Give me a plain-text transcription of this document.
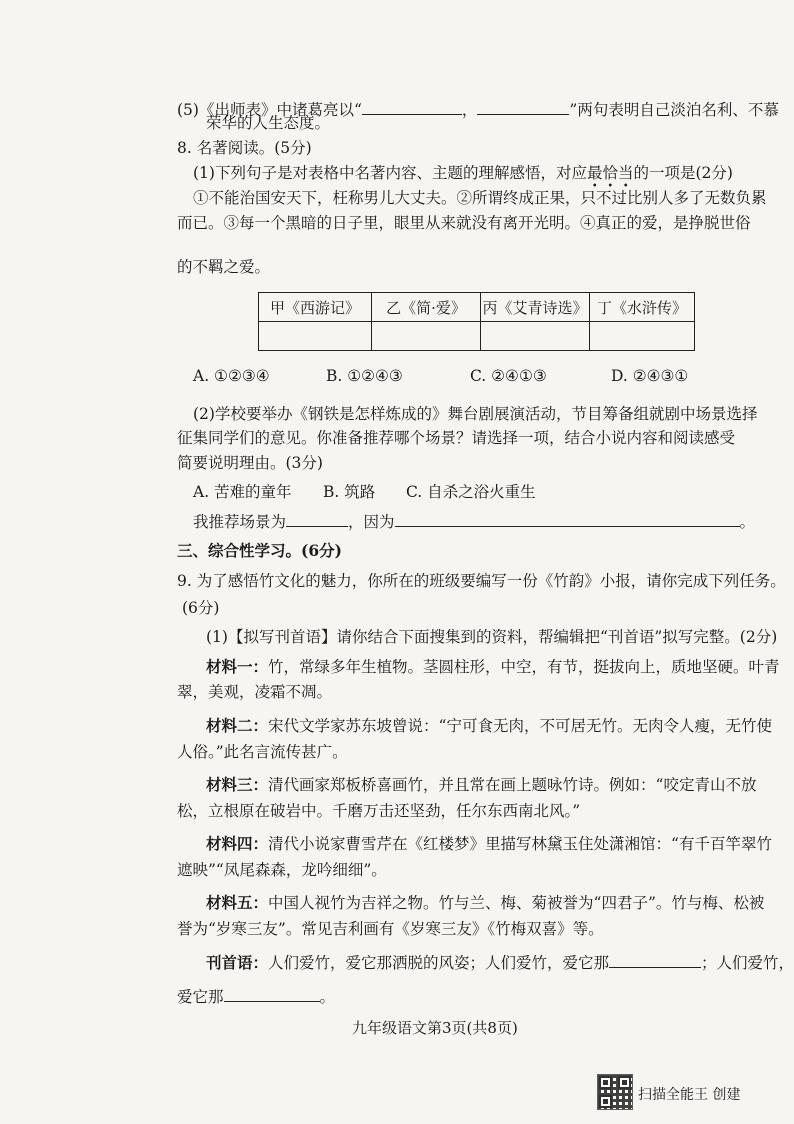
(5)《出师表》中诸葛亮以“	，	”两句表明自己淡泊名利、不慕
荣华的人生态度。
8. 名著阅读。(5分)
(1)下列句子是对表格中名著内容、主题的理解感悟，对应最恰当的一项是(2分)
①不能治国安天下，枉称男儿大丈夫。②所谓终成正果，只不过比别人多了无数负累
而已。③每一个黑暗的日子里，眼里从来就没有离开光明。④真正的爱，是挣脱世俗
的不羁之爱。
甲《西游记》	乙《简·爱》	丙《艾青诗选》	丁《水浒传》

A. ①②③④	B. ①②④③	C. ②④①③	D. ②④③①
(2)学校要举办《钢铁是怎样炼成的》舞台剧展演活动，节目筹备组就剧中场景选择
征集同学们的意见。你准备推荐哪个场景？请选择一项，结合小说内容和阅读感受
简要说明理由。(3分)
A. 苦难的童年 B. 筑路 C. 自杀之浴火重生
我推荐场景为	，因为	。
三、综合性学习。(6分)
9. 为了感悟竹文化的魅力，你所在的班级要编写一份《竹韵》小报，请你完成下列任务。
(6分)
(1)【拟写刊首语】请你结合下面搜集到的资料，帮编辑把“刊首语”拟写完整。(2分)
材料一：竹，常绿多年生植物。茎圆柱形，中空，有节，挺拔向上，质地坚硬。叶青
翠，美观，凌霜不凋。
材料二：宋代文学家苏东坡曾说：“宁可食无肉，不可居无竹。无肉令人瘦，无竹使
人俗。”此名言流传甚广。
材料三：清代画家郑板桥喜画竹，并且常在画上题咏竹诗。例如：“咬定青山不放
松，立根原在破岩中。千磨万击还坚劲，任尔东西南北风。”
材料四：清代小说家曹雪芹在《红楼梦》里描写林黛玉住处潇湘馆：“有千百竿翠竹
遮映”“凤尾森森，龙吟细细”。
材料五：中国人视竹为吉祥之物。竹与兰、梅、菊被誉为“四君子”。竹与梅、松被
誉为“岁寒三友”。常见吉利画有《岁寒三友》《竹梅双喜》等。
刊首语：人们爱竹，爱它那洒脱的风姿；人们爱竹，爱它那	；人们爱竹，
爱它那	。
九年级语文第3页(共8页)
扫描全能王 创建
